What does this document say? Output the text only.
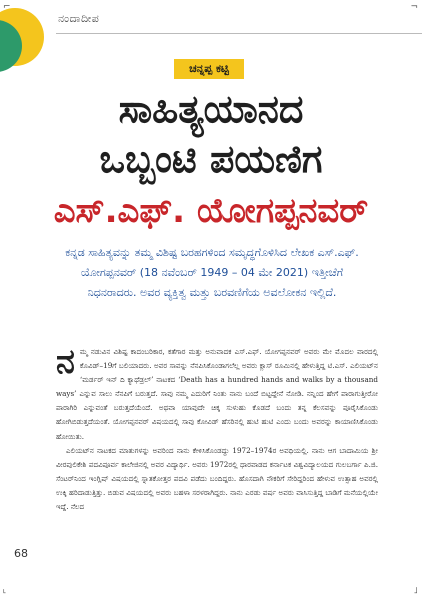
⌐	¬
˪	˩
ನಂದಾದೀಪ
ಚನ್ನಪ್ಪ ಕಟ್ಟಿ
ಸಾಹಿತ್ಯಯಾನದ
ಒಬ್ಬಂಟಿ ಪಯಣಿಗ
ಎಸ್.ಎಫ್. ಯೋಗಪ್ಪನವರ್
ಕನ್ನಡ ಸಾಹಿತ್ಯವನ್ನು ತಮ್ಮ ವಿಶಿಷ್ಟ ಬರಹಗಳಿಂದ ಸಮೃದ್ಧಗೊಳಿಸಿದ ಲೇಖಕ ಎಸ್.ಎಫ್. ಯೋಗಪ್ಪನವರ್ (18 ನವೆಂಬರ್ 1949 – 04 ಮೇ 2021) ಇತ್ತೀಚೆಗೆ ನಿಧನರಾದರು. ಅವರ ವ್ಯಕ್ತಿತ್ವ ಮತ್ತು ಬರವಣಿಗೆಯ ಅವಲೋಕನ ಇಲ್ಲಿದೆ.

ನಮ್ಮ ನಡುವಿನ ವಿಶಿಷ್ಟ ಕಾದಂಬರಿಕಾರ, ಕತೆಗಾರ ಮತ್ತು ಅನುವಾದಕ ಎಸ್.ಎಫ್. ಯೋಗಪ್ಪನವರ್ ಅವರು ಮೇ ಮೊದಲ ವಾರದಲ್ಲಿ ಕೊವಿಡ್–19ಗೆ ಬಲಿಯಾದರು. ಅವರ ಸಾವನ್ನು ನೆನಪಿಸಿಕೊಂಡಾಗಲೆಲ್ಲ ಅವರು ಕ್ಲಾಸ್ ರೂಮಿನಲ್ಲಿ ಹೇಳುತ್ತಿದ್ದ ಟಿ.ಎಸ್. ಎಲಿಯಟ್‌ನ ‘ಮರ್ಡರ್ ಇನ್ ದಿ ಕ್ಯಾಥೆಡ್ರಲ್’ ನಾಟಕದ ‘Death has a hundred hands and walks by a thousand ways’ ಎನ್ನುವ ಸಾಲು ನೆನಪಿಗೆ ಬರುತ್ತದೆ. ಸಾವು ನಮ್ಮ ಎದುರಿಗೆ ನಿಂತು ನಾನು ಬಂದೆ ಬಿಟ್ಟದ್ದೇನೆ ನೋಡಿ. ನನ್ನಿಂದ ಹೇಗೆ ಪಾರಾಗುತ್ತೀರೋ ಪಾರಾಗಿರಿ ಎನ್ನುವಂತೆ ಬರುತ್ತದೆಯೆಂದೆ. ಅಥವಾ ಯಾವುದೇ ಚಿಕ್ಕ ಸುಳುಹು ಕೊಡದೆ ಬಂದು ತನ್ನ ಕೆಲಸವನ್ನು ಪೂರೈಸಿಕೊಂಡು ಹೋಗಿಬಿಡುತ್ತದೆಯಂತೆ. ಯೋಗಪ್ಪನವರ್ ವಿಷಯದಲ್ಲಿ ಸಾವು ಕೋವಿಡ್ ಹೆಸರಿನಲ್ಲಿ ಹುಟಿ ಹುಟಿ ಎಂದು ಬಂದು ಅವರನ್ನು ಕಾಯಾಣಿಸಿಕೊಂಡು ಹೋಯಿತು.

ಎಲಿಯಟ್‌ನ ನಾಟಕದ ಮಾತುಗಳನ್ನು ಅವರಿಂದ ನಾನು ಕೇಳಿಸಿಕೊಂಡದ್ದು 1972–1974ರ ಅವಧಿಯಲ್ಲಿ. ನಾನು ಆಗ ಬಾದಾಮಿಯ ಶ್ರೀ ವೀರಪುಲಿಕೇಶಿ ಪದವಿಪೂರ್ವ ಕಾಲೇಜಿನಲ್ಲಿ ಅವರ ವಿದ್ಯಾರ್ಥಿ. ಅವರು 1972ರಲ್ಲಿ ಧಾರವಾಡದ ಕರ್ನಾಟಕ ವಿಶ್ವವಿದ್ಯಾಲಯದ ಗುಲಬರ್ಗಾ ಪಿ.ಜಿ. ಸೆಂಟರ್‌ನಿಂದ ಇಂಗ್ಲಿಷ್ ವಿಷಯದಲ್ಲಿ ಸ್ನಾತಕೋತ್ತರ ಪದವಿ ಪಡೆದು ಬಂದಿದ್ದರು. ಹೊಸದಾಗಿ ನೌಕರಿಗೆ ಸೇರಿದ್ದರಿಂದ ಹೇಳುವ ಉತ್ಸಾಹ ಅವರಲ್ಲಿ ಉಕ್ಕಿ ಹರಿದಾಡುತ್ತಿತ್ತು. ಬಿಡುವ ವಿಷಯದಲ್ಲಿ ಅವರು ಬಹಳಾ ಸರಳರಾಗಿದ್ದರು. ನಾನು ಎರಡು ವರ್ಷ ಅವರು ವಾಸಿಸುತ್ತಿದ್ದ ಬಾಡಿಗೆ ಮನೆಯಲ್ಲಿಯೇ ಇದ್ದೆ. ನೆಲದ

68
